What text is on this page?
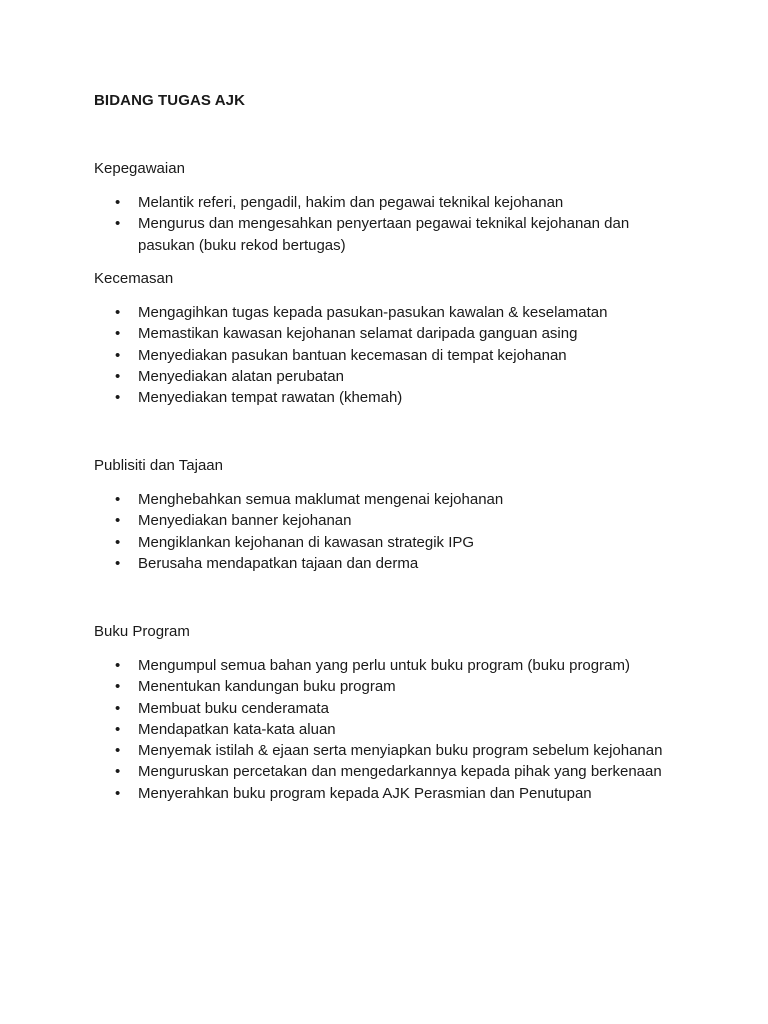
BIDANG TUGAS AJK

Kepegawaian

•	Melantik referi, pengadil, hakim dan pegawai teknikal kejohanan
•	Mengurus dan mengesahkan penyertaan pegawai teknikal kejohanan dan pasukan (buku rekod bertugas)

Kecemasan

•	Mengagihkan tugas kepada pasukan-pasukan kawalan & keselamatan
•	Memastikan kawasan kejohanan selamat daripada ganguan asing
•	Menyediakan pasukan bantuan kecemasan di tempat kejohanan
•	Menyediakan alatan perubatan
•	Menyediakan tempat rawatan (khemah)

Publisiti dan Tajaan

•	Menghebahkan semua maklumat mengenai kejohanan
•	Menyediakan banner kejohanan
•	Mengiklankan kejohanan di kawasan strategik IPG
•	Berusaha mendapatkan tajaan dan derma

Buku Program

•	Mengumpul semua bahan yang perlu untuk buku program (buku program)
•	Menentukan kandungan buku program
•	Membuat buku cenderamata
•	Mendapatkan kata-kata aluan
•	Menyemak istilah & ejaan serta menyiapkan buku program sebelum kejohanan
•	Menguruskan percetakan dan mengedarkannya kepada pihak yang berkenaan
•	Menyerahkan buku program kepada AJK Perasmian dan Penutupan
